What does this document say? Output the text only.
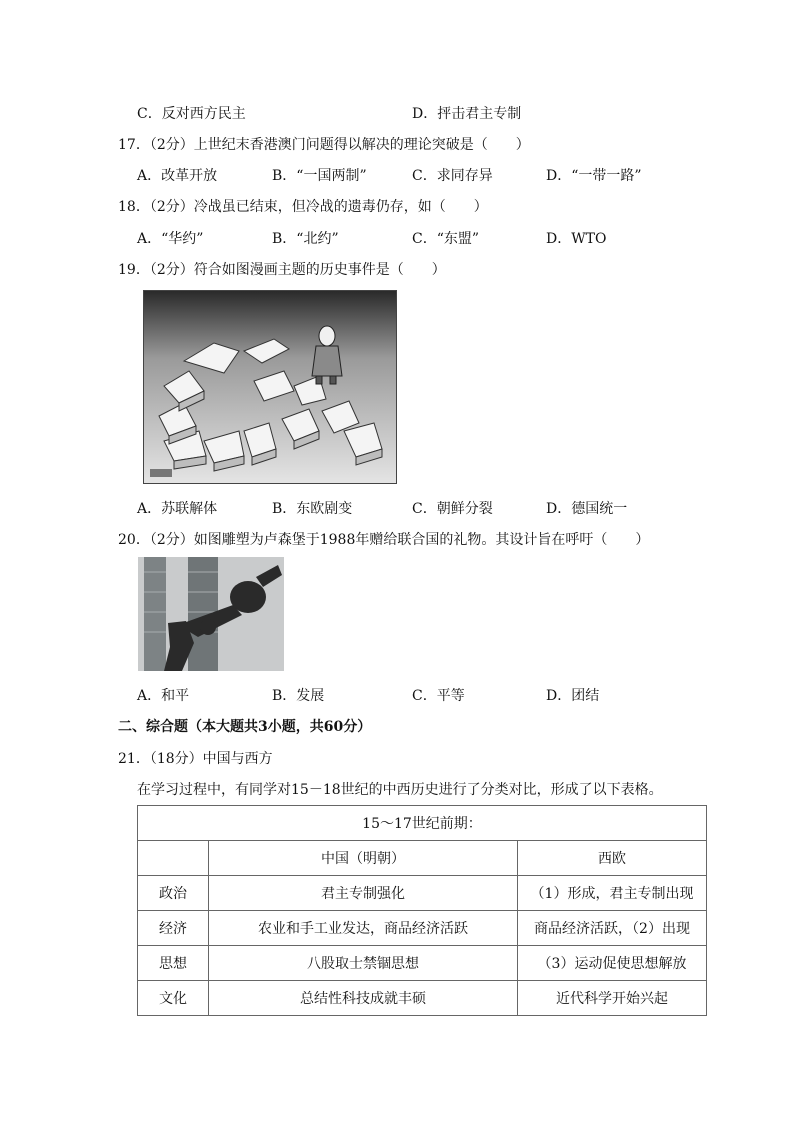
C．反对西方民主	D．抨击君主专制
17．（2分）上世纪末香港澳门问题得以解决的理论突破是（　　）
A．改革开放	B．“一国两制”	C．求同存异	D．“一带一路”
18．（2分）冷战虽已结束，但冷战的遗毒仍存，如（　　）
A．“华约”	B．“北约”	C．“东盟”	D．WTO
19．（2分）符合如图漫画主题的历史事件是（　　）
A．苏联解体	B．东欧剧变	C．朝鲜分裂	D．德国统一
20．（2分）如图雕塑为卢森堡于1988年赠给联合国的礼物。其设计旨在呼吁（　　）
A．和平	B．发展	C．平等	D．团结
二、综合题（本大题共3小题，共60分）
21．（18分）中国与西方
在学习过程中，有同学对15－18世纪的中西历史进行了分类对比，形成了以下表格。
15～17世纪前期：		
	中国（明朝）	西欧
政治	君主专制强化	（1）形成，君主专制出现
经济	农业和手工业发达，商品经济活跃	商品经济活跃，（2）出现
思想	八股取士禁锢思想	（3）运动促使思想解放
文化	总结性科技成就丰硕	近代科学开始兴起
